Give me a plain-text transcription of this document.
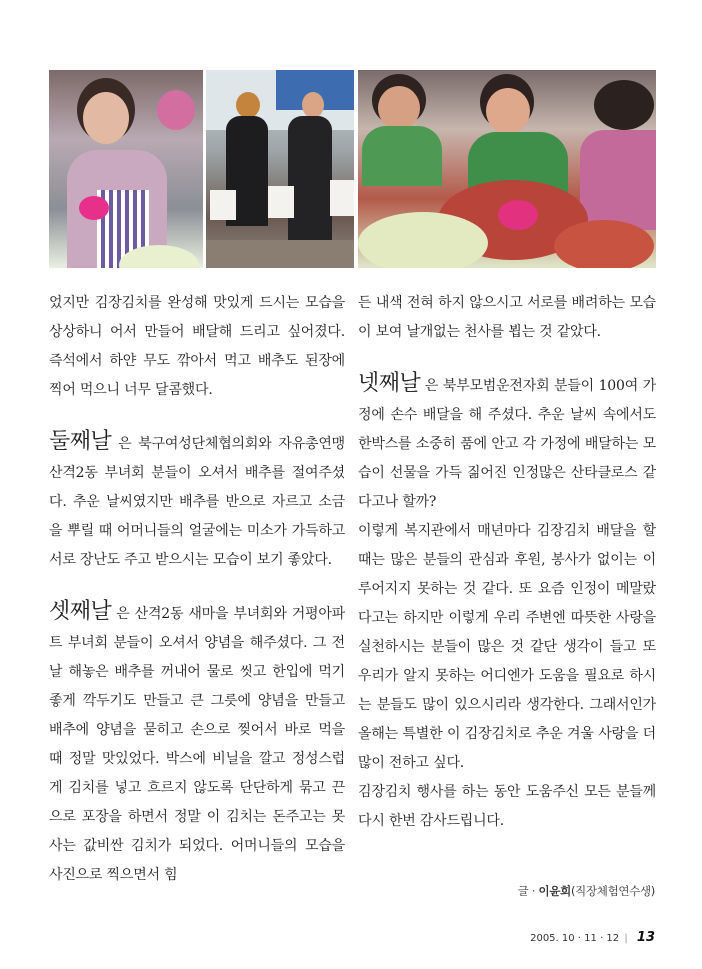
었지만 김장김치를 완성해 맛있게 드시는 모습을 상상하니 어서 만들어 배달해 드리고 싶어졌다. 즉석에서 하얀 무도 깎아서 먹고 배추도 된장에 찍어 먹으니 너무 달콤했다.

둘째날 은 북구여성단체협의회와 자유총연맹 산격2동 부녀회 분들이 오셔서 배추를 절여주셨다. 추운 날씨였지만 배추를 반으로 자르고 소금을 뿌릴 때 어머니들의 얼굴에는 미소가 가득하고 서로 장난도 주고 받으시는 모습이 보기 좋았다.

셋째날 은 산격2동 새마을 부녀회와 거평아파트 부녀회 분들이 오셔서 양념을 해주셨다. 그 전날 해놓은 배추를 꺼내어 물로 씻고 한입에 먹기 좋게 깍두기도 만들고 큰 그릇에 양념을 만들고 배추에 양념을 묻히고 손으로 찢어서 바로 먹을 때 정말 맛있었다. 박스에 비닐을 깔고 정성스럽게 김치를 넣고 흐르지 않도록 단단하게 묶고 끈으로 포장을 하면서 정말 이 김치는 돈주고는 못 사는 값비싼 김치가 되었다. 어머니들의 모습을 사진으로 찍으면서 힘

든 내색 전혀 하지 않으시고 서로를 배려하는 모습이 보여 날개없는 천사를 뵙는 것 같았다.

넷째날 은 북부모범운전자회 분들이 100여 가정에 손수 배달을 해 주셨다. 추운 날씨 속에서도 한박스를 소중히 품에 안고 각 가정에 배달하는 모습이 선물을 가득 짊어진 인정많은 산타클로스 같다고나 할까?

이렇게 복지관에서 매년마다 김장김치 배달을 할때는 많은 분들의 관심과 후원, 봉사가 없이는 이루어지지 못하는 것 같다. 또 요즘 인정이 메말랐다고는 하지만 이렇게 우리 주변엔 따뜻한 사랑을 실천하시는 분들이 많은 것 같단 생각이 들고 또 우리가 알지 못하는 어디엔가 도움을 필요로 하시는 분들도 많이 있으시리라 생각한다. 그래서인가 올해는 특별한 이 김장김치로 추운 겨울 사랑을 더 많이 전하고 싶다.

김장김치 행사를 하는 동안 도움주신 모든 분들께 다시 한번 감사드립니다.

글 · 이윤희(직장체험연수생)
2005. 10 · 11 · 12 | 13
